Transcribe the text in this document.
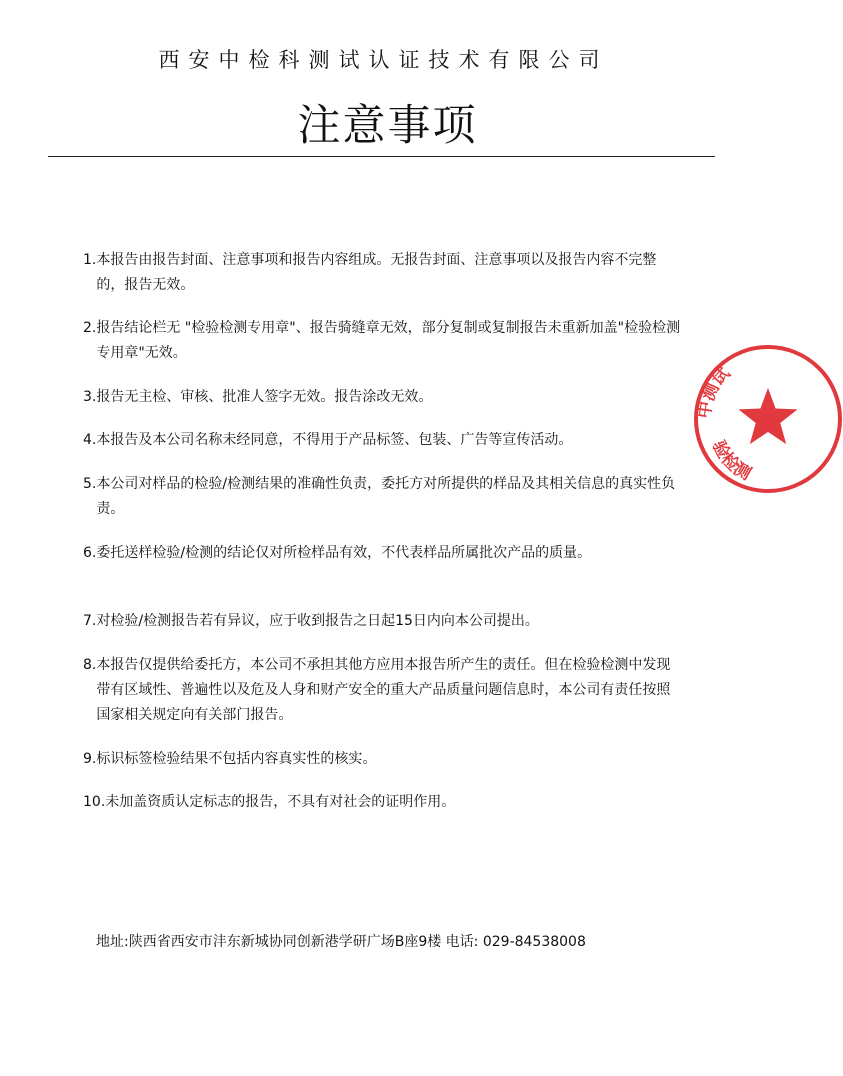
西安中检科测试认证技术有限公司
注意事项
1. 本报告由报告封面、注意事项和报告内容组成。无报告封面、注意事项以及报告内容不完整的，报告无效。
2. 报告结论栏无 "检验检测专用章"、报告骑缝章无效，部分复制或复制报告未重新加盖"检验检测专用章"无效。
3. 报告无主检、审核、批准人签字无效。报告涂改无效。
4. 本报告及本公司名称未经同意，不得用于产品标签、包装、广告等宣传活动。
5. 本公司对样品的检验/检测结果的准确性负责，委托方对所提供的样品及其相关信息的真实性负责。
6. 委托送样检验/检测的结论仅对所检样品有效，不代表样品所属批次产品的质量。
7. 对检验/检测报告若有异议，应于收到报告之日起15日内向本公司提出。
8. 本报告仅提供给委托方，本公司不承担其他方应用本报告所产生的责任。但在检验检测中发现带有区域性、普遍性以及危及人身和财产安全的重大产品质量问题信息时，本公司有责任按照国家相关规定向有关部门报告。
9. 标识标签检验结果不包括内容真实性的核实。
10. 未加盖资质认定标志的报告，不具有对社会的证明作用。
地址:陕西省西安市沣东新城协同创新港学研广场B座9楼 电话: 029-84538008
中测试
验检测
